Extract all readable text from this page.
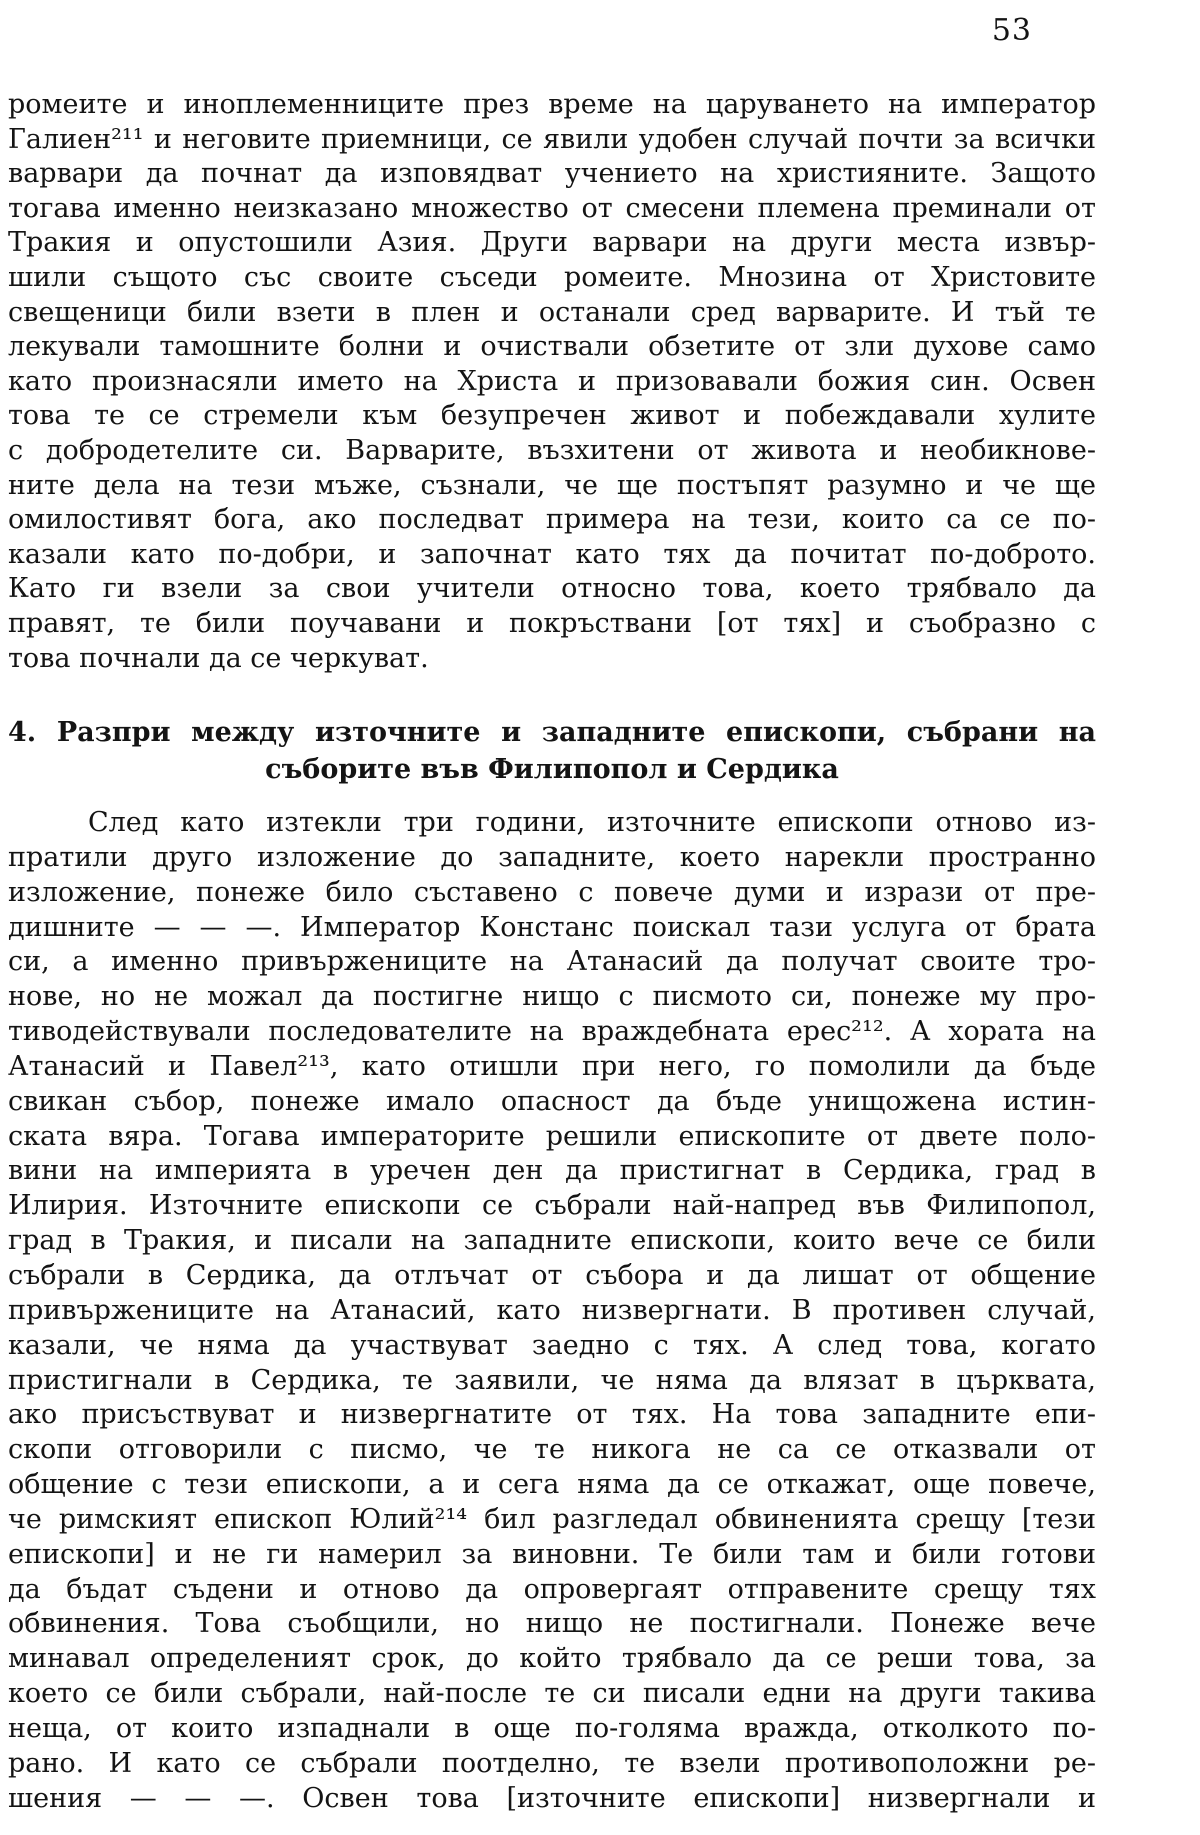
53
ромеите и иноплеменниците през време на царуването на император
Галиен²¹¹ и неговите приемници, се явили удобен случай почти за всички
варвари да почнат да изповядват учението на християните. Защото
тогава именно неизказано множество от смесени племена преминали от
Тракия и опустошили Азия. Други варвари на други места извър-
шили същото със своите съседи ромеите. Мнозина от Христовите
свещеници били взети в плен и останали сред варварите. И тъй те
лекували тамошните болни и очиствали обзетите от зли духове само
като произнасяли името на Христа и призовавали божия син. Освен
това те се стремели към безупречен живот и побеждавали хулите
с добродетелите си. Варварите, възхитени от живота и необикнове-
ните дела на тези мъже, съзнали, че ще постъпят разумно и че ще
омилостивят бога, ако последват примера на тези, които са се по-
казали като по-добри, и започнат като тях да почитат по-доброто.
Като ги взели за свои учители относно това, което трябвало да
правят, те били поучавани и покръствани [от тях] и съобразно с
това почнали да се черкуват.
4. Разпри между източните и западните епископи, събрани на
съборите във Филипопол и Сердика
След като изтекли три години, източните епископи отново из-
пратили друго изложение до западните, което нарекли пространно
изложение, понеже било съставено с повече думи и изрази от пре-
дишните — — —. Император Констанс поискал тази услуга от брата
си, а именно привържениците на Атанасий да получат своите тро-
нове, но не можал да постигне нищо с писмото си, понеже му про-
тиводействували последователите на враждебната ерес²¹². А хората на
Атанасий и Павел²¹³, като отишли при него, го помолили да бъде
свикан събор, понеже имало опасност да бъде унищожена истин-
ската вяра. Тогава императорите решили епископите от двете поло-
вини на империята в уречен ден да пристигнат в Сердика, град в
Илирия. Източните епископи се събрали най-напред във Филипопол,
град в Тракия, и писали на западните епископи, които вече се били
събрали в Сердика, да отлъчат от събора и да лишат от общение
привържениците на Атанасий, като низвергнати. В противен случай,
казали, че няма да участвуват заедно с тях. А след това, когато
пристигнали в Сердика, те заявили, че няма да влязат в църквата,
ако присъствуват и низвергнатите от тях. На това западните епи-
скопи отговорили с писмо, че те никога не са се отказвали от
общение с тези епископи, а и сега няма да се откажат, още повече,
че римският епископ Юлий²¹⁴ бил разгледал обвиненията срещу [тези
епископи] и не ги намерил за виновни. Те били там и били готови
да бъдат съдени и отново да опровергаят отправените срещу тях
обвинения. Това съобщили, но нищо не постигнали. Понеже вече
минавал определеният срок, до който трябвало да се реши това, за
което се били събрали, най-после те си писали едни на други такива
неща, от които изпаднали в още по-голяма вражда, отколкото по-
рано. И като се събрали поотделно, те взели противоположни ре-
шения — — —. Освен това [източните епископи] низвергнали и
